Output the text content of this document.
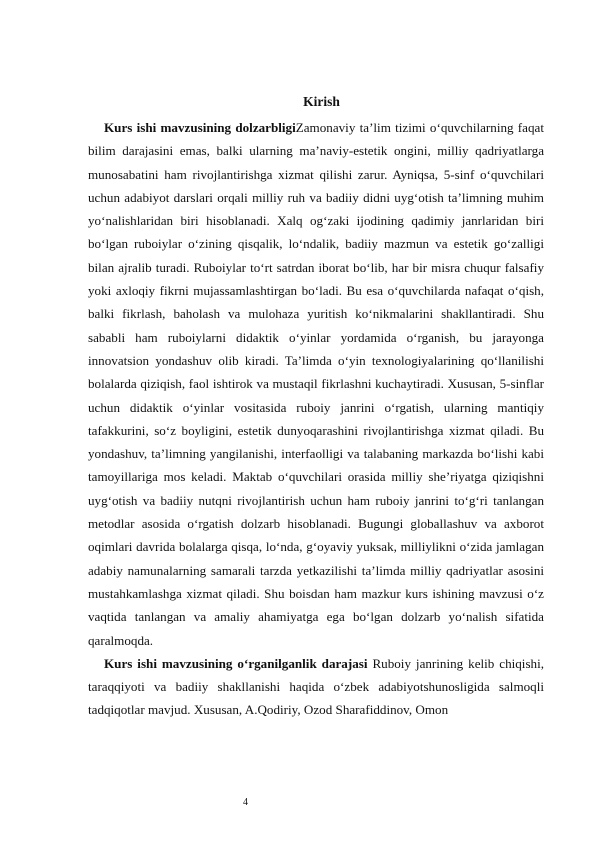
Kirish

Kurs ishi mavzusining dolzarbligiZamonaviy ta’lim tizimi o‘quvchilarning faqat bilim darajasini emas, balki ularning ma’naviy-estetik ongini, milliy qadriyatlarga munosabatini ham rivojlantirishga xizmat qilishi zarur. Ayniqsa, 5-sinf o‘quvchilari uchun adabiyot darslari orqali milliy ruh va badiiy didni uyg‘otish ta’limning muhim yo‘nalishlaridan biri hisoblanadi. Xalq og‘zaki ijodining qadimiy janrlaridan biri bo‘lgan ruboiylar o‘zining qisqalik, lo‘ndalik, badiiy mazmun va estetik go‘zalligi bilan ajralib turadi. Ruboiylar to‘rt satrdan iborat bo‘lib, har bir misra chuqur falsafiy yoki axloqiy fikrni mujassamlashtirgan bo‘ladi. Bu esa o‘quvchilarda nafaqat o‘qish, balki fikrlash, baholash va mulohaza yuritish ko‘nikmalarini shakllantiradi. Shu sababli ham ruboiylarni didaktik o‘yinlar yordamida o‘rganish, bu jarayonga innovatsion yondashuv olib kiradi. Ta’limda o‘yin texnologiyalarining qo‘llanilishi bolalarda qiziqish, faol ishtirok va mustaqil fikrlashni kuchaytiradi. Xususan, 5-sinflar uchun didaktik o‘yinlar vositasida ruboiy janrini o‘rgatish, ularning mantiqiy tafakkurini, so‘z boyligini, estetik dunyoqarashini rivojlantirishga xizmat qiladi. Bu yondashuv, ta’limning yangilanishi, interfaolligi va talabaning markazda bo‘lishi kabi tamoyillariga mos keladi. Maktab o‘quvchilari orasida milliy she’riyatga qiziqishni uyg‘otish va badiiy nutqni rivojlantirish uchun ham ruboiy janrini to‘g‘ri tanlangan metodlar asosida o‘rgatish dolzarb hisoblanadi. Bugungi globallashuv va axborot oqimlari davrida bolalarga qisqa, lo‘nda, g‘oyaviy yuksak, milliylikni o‘zida jamlagan adabiy namunalarning samarali tarzda yetkazilishi ta’limda milliy qadriyatlar asosini mustahkamlashga xizmat qiladi. Shu boisdan ham mazkur kurs ishining mavzusi o‘z vaqtida tanlangan va amaliy ahamiyatga ega bo‘lgan dolzarb yo‘nalish sifatida qaralmoqda.

Kurs ishi mavzusining o‘rganilganlik darajasi Ruboiy janrining kelib chiqishi, taraqqiyoti va badiiy shakllanishi haqida o‘zbek adabiyotshunosligida salmoqli tadqiqotlar mavjud. Xususan, A.Qodiriy, Ozod Sharafiddinov, Omon

4
